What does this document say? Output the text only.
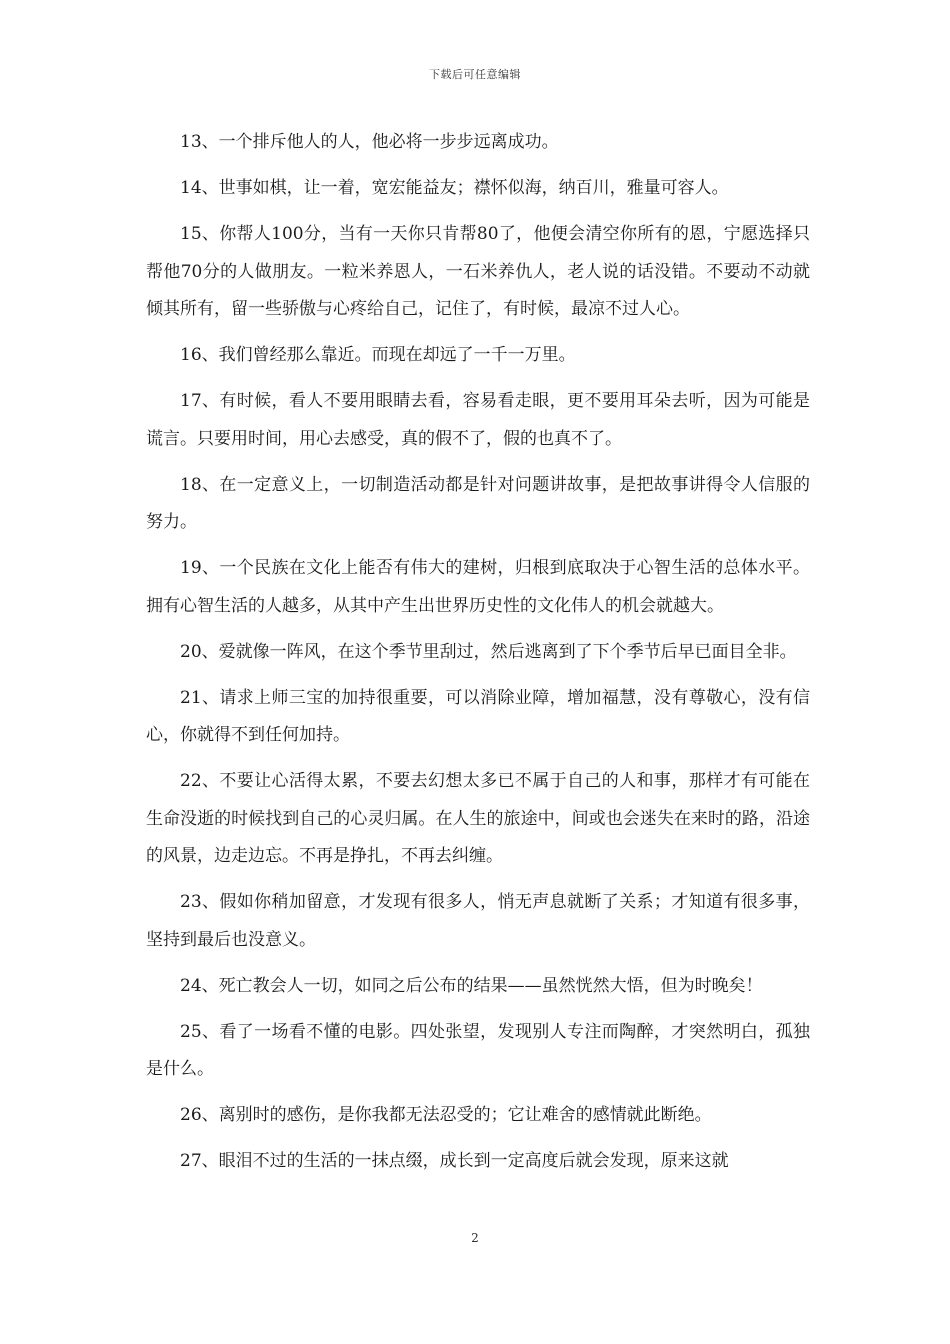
下载后可任意编辑

13、一个排斥他人的人，他必将一步步远离成功。

14、世事如棋，让一着，宽宏能益友；襟怀似海，纳百川，雅量可容人。

15、你帮人100分，当有一天你只肯帮80了，他便会清空你所有的恩，宁愿选择只帮他70分的人做朋友。一粒米养恩人，一石米养仇人，老人说的话没错。不要动不动就倾其所有，留一些骄傲与心疼给自己，记住了，有时候，最凉不过人心。

16、我们曾经那么靠近。而现在却远了一千一万里。

17、有时候，看人不要用眼睛去看，容易看走眼，更不要用耳朵去听，因为可能是谎言。只要用时间，用心去感受，真的假不了，假的也真不了。

18、在一定意义上，一切制造活动都是针对问题讲故事，是把故事讲得令人信服的努力。

19、一个民族在文化上能否有伟大的建树，归根到底取决于心智生活的总体水平。拥有心智生活的人越多，从其中产生出世界历史性的文化伟人的机会就越大。

20、爱就像一阵风，在这个季节里刮过，然后逃离到了下个季节后早已面目全非。

21、请求上师三宝的加持很重要，可以消除业障，增加福慧，没有尊敬心，没有信心，你就得不到任何加持。

22、不要让心活得太累，不要去幻想太多已不属于自己的人和事，那样才有可能在生命没逝的时候找到自己的心灵归属。在人生的旅途中，间或也会迷失在来时的路，沿途的风景，边走边忘。不再是挣扎，不再去纠缠。

23、假如你稍加留意，才发现有很多人，悄无声息就断了关系；才知道有很多事，坚持到最后也没意义。

24、死亡教会人一切，如同之后公布的结果——虽然恍然大悟，但为时晚矣！

25、看了一场看不懂的电影。四处张望，发现别人专注而陶醉，才突然明白，孤独是什么。

26、离别时的感伤，是你我都无法忍受的；它让难舍的感情就此断绝。

27、眼泪不过的生活的一抹点缀，成长到一定高度后就会发现，原来这就

2
